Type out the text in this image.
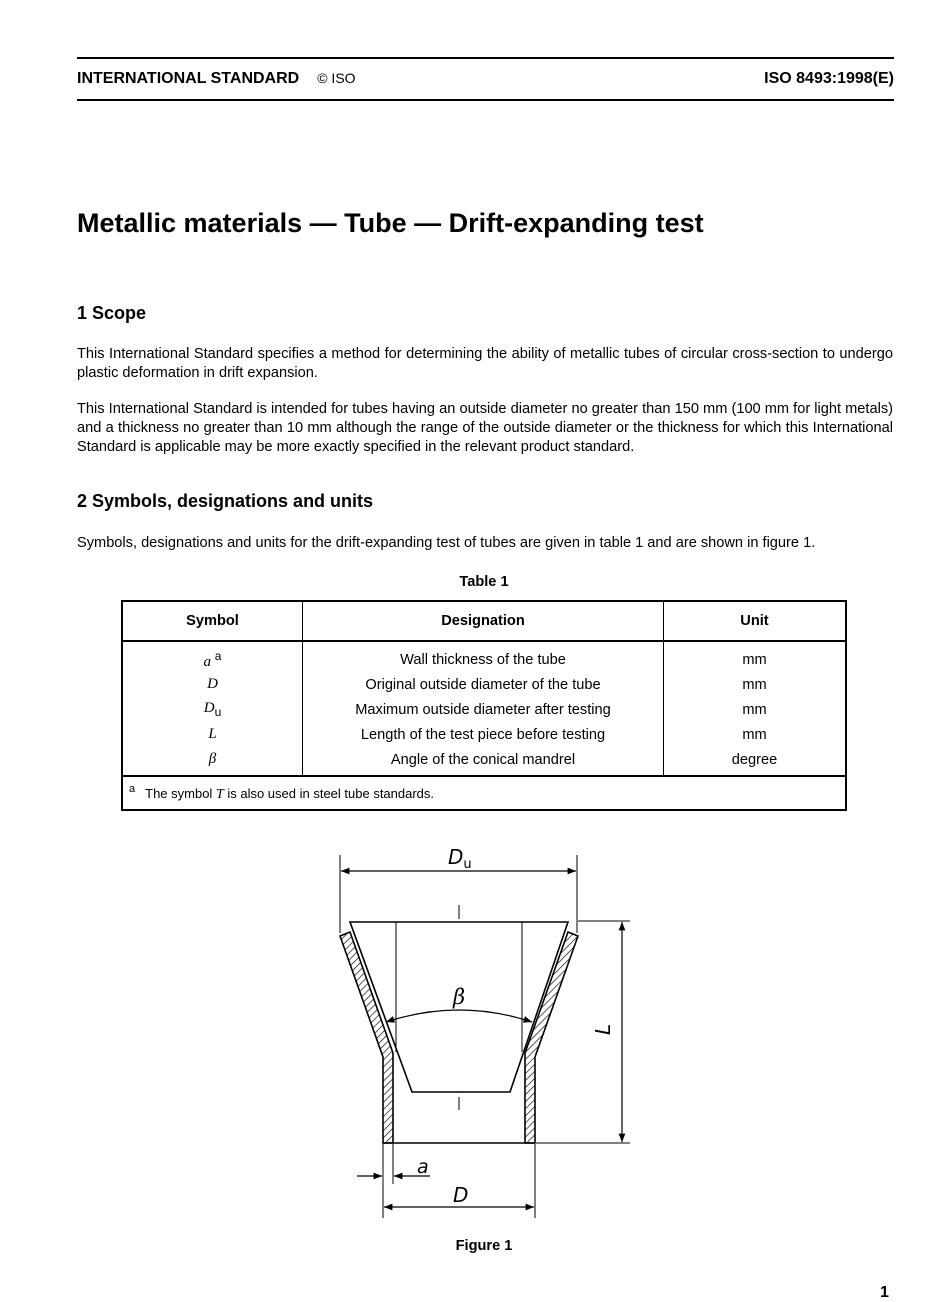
INTERNATIONAL STANDARD © ISO	ISO 8493:1998(E)
Metallic materials — Tube — Drift-expanding test
1 Scope

This International Standard specifies a method for determining the ability of metallic tubes of circular cross-section to undergo plastic deformation in drift expansion.

This International Standard is intended for tubes having an outside diameter no greater than 150 mm (100 mm for light metals) and a thickness no greater than 10 mm although the range of the outside diameter or the thickness for which this International Standard is applicable may be more exactly specified in the relevant product standard.

2 Symbols, designations and units

Symbols, designations and units for the drift-expanding test of tubes are given in table 1 and are shown in figure 1.

Table 1
Symbol	Designation	Unit
a $^a$	Wall thickness of the tube	mm
D	Original outside diameter of the tube	mm
$D_u$	Maximum outside diameter after testing	mm
L	Length of the test piece before testing	mm
β	Angle of the conical mandrel	degree
$^a$ The symbol T is also used in steel tube standards.		
$D_u$
β
L
a
D
Figure 1
1
